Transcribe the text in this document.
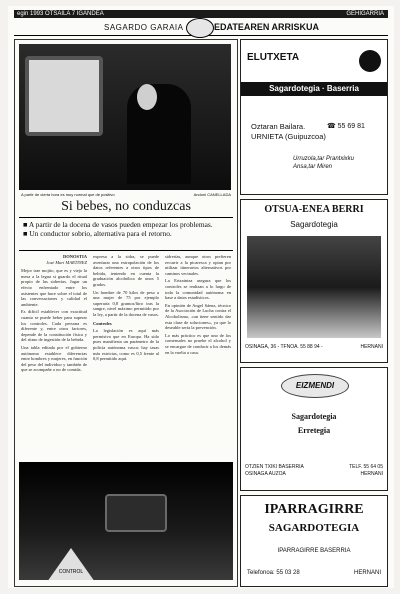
egin 1993 OTSAILA 7 IGANDEA	GEHIGARRIA
SAGARDO GARAIA	EDATEAREN ARRISKUA
A partir de cierta hora es muy normal que dé positivo	Andoni CANELLADA
Si bebes, no conduzcas
■ A partir de la docena de vasos pueden empezar los problemas.
■ Un conductor sobrio, alternativa para el retorno.
DONOSTIA
José Mari MARTINEZ

Mejor trae mojito, que es y viejo la mesa a la legua si guardo el ritual propio de las sidrerías. Jugar un efecto enfrentado entre los asistentes que hace sobre el total de las conversaciones y calidad el ambiente.

Es difícil establecer con exactitud cuanto se puede beber para superar los controles. Cada persona es diferente y, entre otros factores, depende de la constitución física y del ritmo de ingestión de la bebida.

Una tabla editada por el gobierno autónomo establece diferencias entre hombres y mujeres, en función del peso del individuo y también de que se acompañe o no de comida.

expresa a la sidra, se puede aventurar una extrapolación de los datos referentes a otros tipos de bebida, teniendo en cuenta la graduación alcohólica de unos 5 grados.

Un hombre de 70 kilos de peso a una mujer de 75 por ejemplo superaría 0,8 gramos/litro tras la sangre, nivel máximo permitido por la ley, a partir de la docena de vasos.

Controles

La legislación es aquí más permisiva que en Europa. Ha sido pues manifiesta un parámetro de la policía autónoma vasca: hay tasas más estrictas, como es 0,5 frente al 0,8 permitido aquí.

sidrerías, aunque otros prefieren recurrir a la picaresca y optan por utilizar itinerarios alternativos por caminos vecinales.

La Ertzaintza asegura que los controles se realizan a lo largo de toda la comunidad autónoma en base a datos estadísticos.

En opinión de Angel Sáenz, técnico de la Asociación de Lucha contra el Alcoholismo, «un tiene sentido dar esta clase de soluciones», ya que lo deseable sería la prevención.

Lo más práctico es que uno de los comensales no pruebe el alcohol y se encargue de conducir a los demás en la vuelta a casa.

CONTROL
ELUTXETA
Sagardotegia · Baserria
Oztaran Bailara.
URNIETA (Guipuzcoa)
☎ 55 69 81
Urruzola,tar Prantxixku
Ansa,tar Miren
OTSUA-ENEA BERRI
Sagardotegia
OSINAGA, 36 - TFNOA. 55 88 94 -	HERNANI
EIZMENDI
Sagardotegia
Erretegia
OTZIEN TXIKI BASERRIA
OSINAGA AUZOA
TELF. 55 64 05
HERNANI
IPARRAGIRRE
SAGARDOTEGIA
IPARRAGIRRE BASERRIA
Telefonoa: 55 03 28	HERNANI
